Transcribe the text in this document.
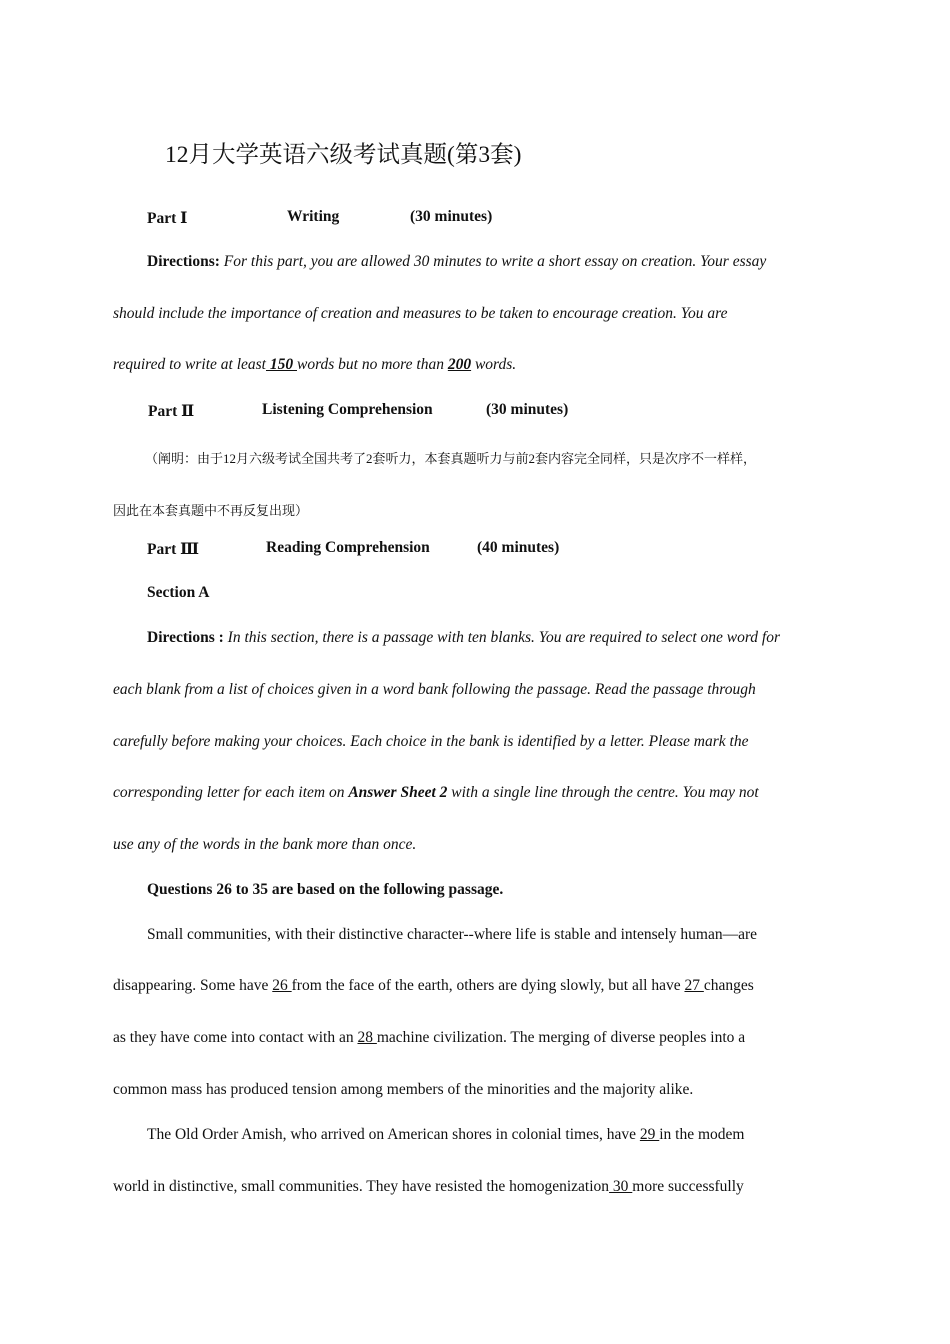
12月大学英语六级考试真题(第3套)
Part Ⅰ	Writing	(30 minutes)
Directions: For this part, you are allowed 30 minutes to write a short essay on creation. Your essay
should include the importance of creation and measures to be taken to encourage creation. You are
required to write at least 150 words but no more than 200 words.
Part Ⅱ	Listening Comprehension	(30 minutes)
（阐明：由于12月六级考试全国共考了2套听力，本套真题听力与前2套内容完全同样，只是次序不一样样，
因此在本套真题中不再反复出现）
Part Ⅲ	Reading Comprehension	(40 minutes)
Section A
Directions : In this section, there is a passage with ten blanks. You are required to select one word for
each blank from a list of choices given in a word bank following the passage. Read the passage through
carefully before making your choices. Each choice in the bank is identified by a letter. Please mark the
corresponding letter for each item on Answer Sheet 2 with a single line through the centre. You may not
use any of the words in the bank more than once.
Questions 26 to 35 are based on the following passage.
Small communities, with their distinctive character--where life is stable and intensely human—are
disappearing. Some have 26 from the face of the earth, others are dying slowly, but all have 27 changes
as they have come into contact with an 28 machine civilization. The merging of diverse peoples into a
common mass has produced tension among members of the minorities and the majority alike.
The Old Order Amish, who arrived on American shores in colonial times, have 29 in the modem
world in distinctive, small communities. They have resisted the homogenization 30 more successfully
